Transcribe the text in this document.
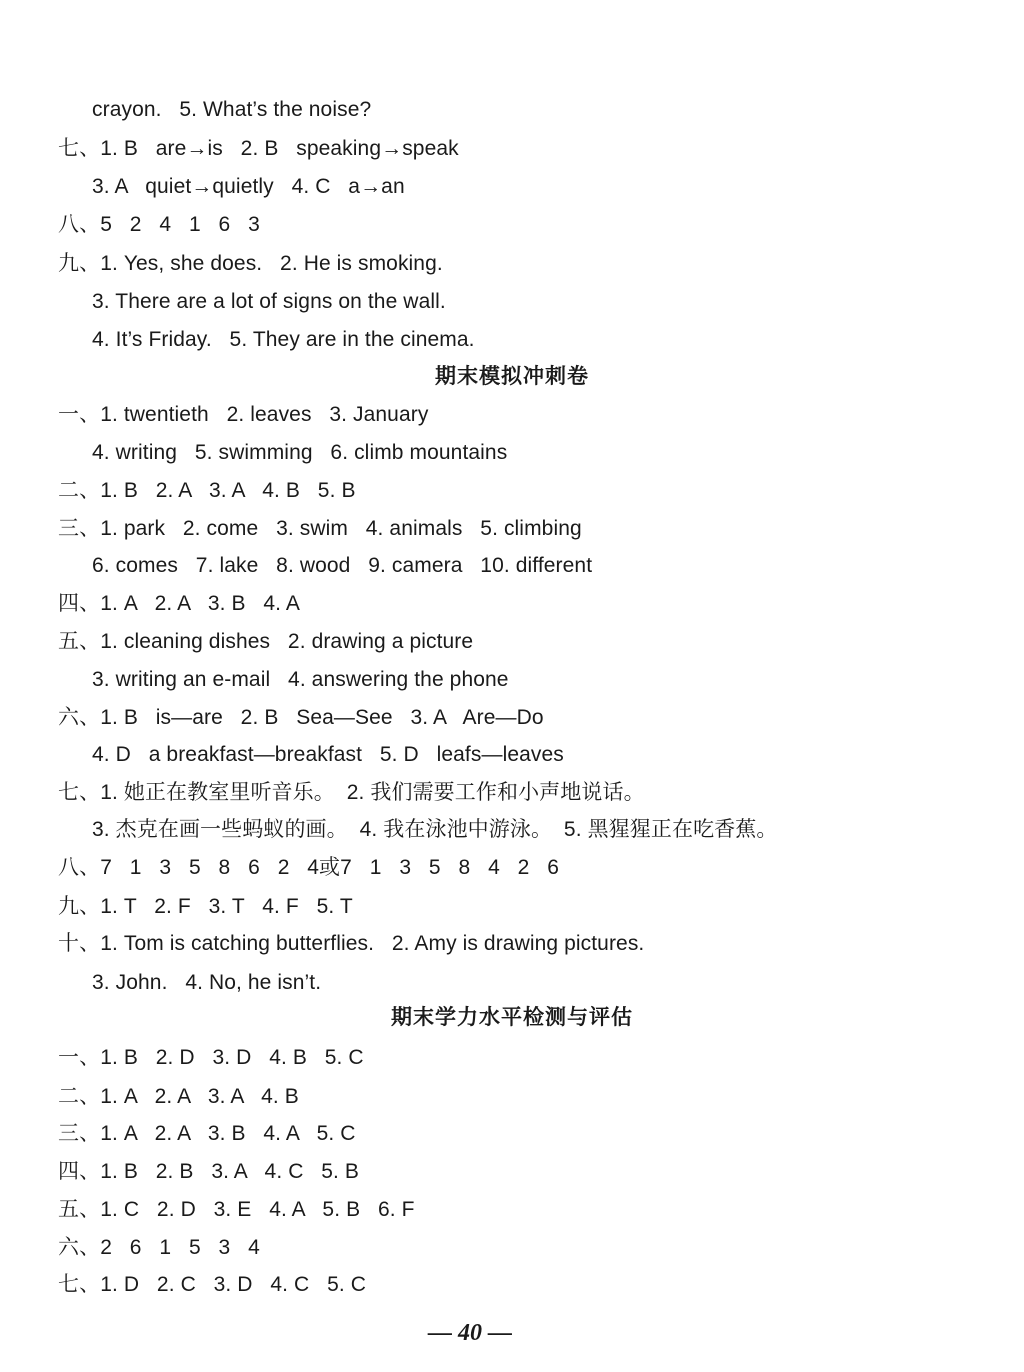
crayon.   5. What’s the noise?
七、1. B   are→is   2. B   speaking→speak
3. A   quiet→quietly   4. C   a→an
八、5   2   4   1   6   3
九、1. Yes, she does.   2. He is smoking.
3. There are a lot of signs on the wall.
4. It’s Friday.   5. They are in the cinema.
期末模拟冲刺卷
一、1. twentieth   2. leaves   3. January
4. writing   5. swimming   6. climb mountains
二、1. B   2. A   3. A   4. B   5. B
三、1. park   2. come   3. swim   4. animals   5. climbing
6. comes   7. lake   8. wood   9. camera   10. different
四、1. A   2. A   3. B   4. A
五、1. cleaning dishes   2. drawing a picture
3. writing an e-mail   4. answering the phone
六、1. B   is—are   2. B   Sea—See   3. A   Are—Do
4. D   a breakfast—breakfast   5. D   leafs—leaves
七、1. 她正在教室里听音乐。  2. 我们需要工作和小声地说话。
3. 杰克在画一些蚂蚁的画。  4. 我在泳池中游泳。  5. 黑猩猩正在吃香蕉。
八、7   1   3   5   8   6   2   4或7   1   3   5   8   4   2   6
九、1. T   2. F   3. T   4. F   5. T
十、1. Tom is catching butterflies.   2. Amy is drawing pictures.
3. John.   4. No, he isn’t.
期末学力水平检测与评估
一、1. B   2. D   3. D   4. B   5. C
二、1. A   2. A   3. A   4. B
三、1. A   2. A   3. B   4. A   5. C
四、1. B   2. B   3. A   4. C   5. B
五、1. C   2. D   3. E   4. A   5. B   6. F
六、2   6   1   5   3   4
七、1. D   2. C   3. D   4. C   5. C
— 40 —
